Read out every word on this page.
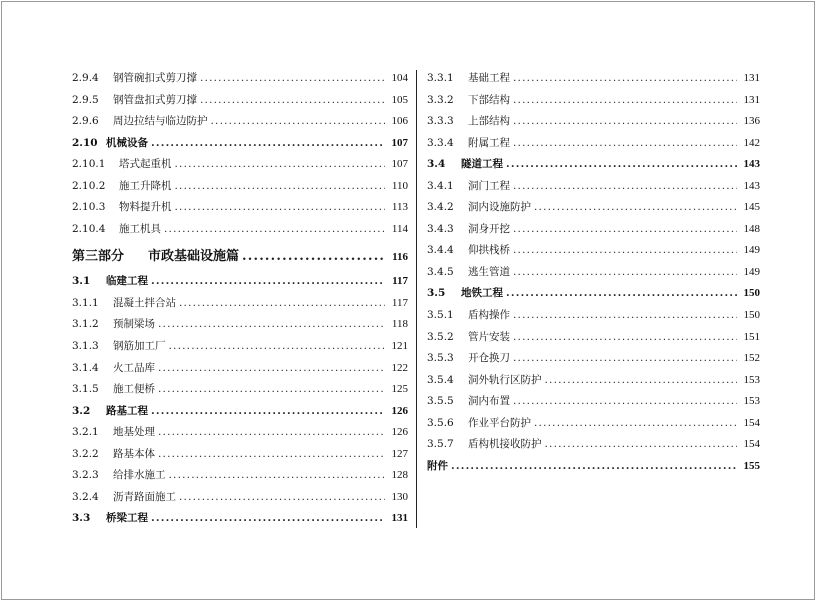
2.9.4	钢管碗扣式剪刀撑 .....	104
2.9.5	钢管盘扣式剪刀撑 .....	105
2.9.6	周边拉结与临边防护 .....	106
2.10 机械设备 .....	107
2.10.1	塔式起重机 .....	107
2.10.2	施工升降机 .....	110
2.10.3	物料提升机 .....	113
2.10.4	施工机具 .....	114
第三部分	市政基础设施篇 .....	116
3.1	临建工程 .....	117
3.1.1	混凝土拌合站 .....	117
3.1.2	预制梁场 .....	118
3.1.3	钢筋加工厂 .....	121
3.1.4	火工品库 .....	122
3.1.5	施工便桥 .....	125
3.2	路基工程 .....	126
3.2.1	地基处理 .....	126
3.2.2	路基本体 .....	127
3.2.3	给排水施工 .....	128
3.2.4	沥青路面施工 .....	130
3.3	桥梁工程 .....	131
3.3.1	基础工程 .....	131
3.3.2	下部结构 .....	131
3.3.3	上部结构 .....	136
3.3.4	附属工程 .....	142
3.4	隧道工程 .....	143
3.4.1	洞门工程 .....	143
3.4.2	洞内设施防护 .....	145
3.4.3	洞身开挖 .....	148
3.4.4	仰拱栈桥 .....	149
3.4.5	逃生管道 .....	149
3.5	地铁工程 .....	150
3.5.1	盾构操作 .....	150
3.5.2	管片安装 .....	151
3.5.3	开仓换刀 .....	152
3.5.4	洞外轨行区防护 .....	153
3.5.5	洞内布置 .....	153
3.5.6	作业平台防护 .....	154
3.5.7	盾构机接收防护 .....	154
附件 .....	155
